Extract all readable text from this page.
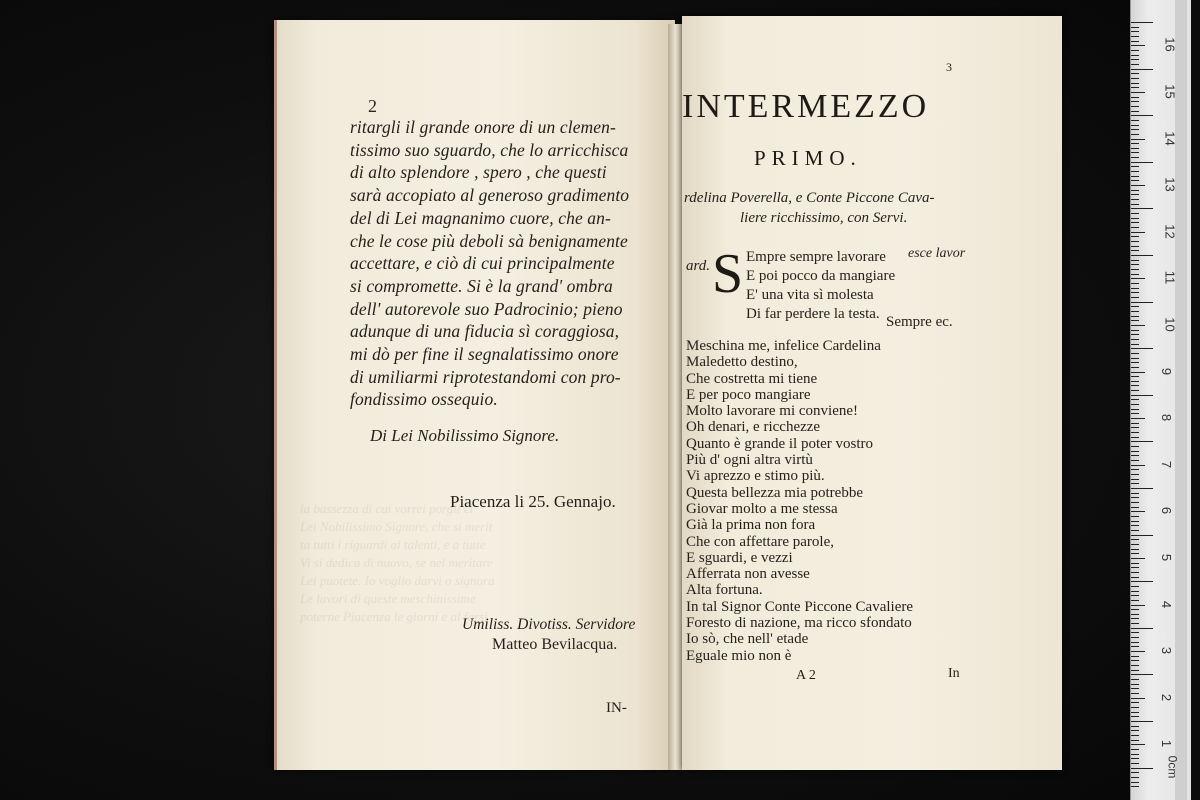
2
ritargli il grande onore di un clemen-
tissimo suo sguardo, che lo arricchisca
di alto splendore , spero , che questi
sarà accopiato al generoso gradimento
del di Lei magnanimo cuore, che an-
che le cose più deboli sà benignamente
accettare, e ciò di cui principalmente
si compromette. Si è la grand' ombra
dell' autorevole suo Padrocinio; pieno
adunque di una fiducia sì coraggiosa,
mi dò per fine il segnalatissimo onore
di umiliarmi riprotestandomi con pro-
fondissimo ossequio.
Di Lei Nobilissimo Signore.
Piacenza li 25. Gennajo.
Umiliss. Divotiss. Servidore
Matteo Bevilacqua.
IN-
3
INTERMEZZO
PRIMO.
rdelina Poverella, e Conte Piccone Cava-
liere ricchissimo, con Servi.
ard. S Empre sempre lavorare
E poi pocco da mangiare
E' una vita sì molesta
Di far perdere la testa.
esce lavor
Sempre ec.
Meschina me, infelice Cardelina
Maledetto destino,
Che costretta mi tiene
E per poco mangiare
Molto lavorare mi conviene!
Oh denari, e ricchezze
Quanto è grande il poter vostro
Più d' ogni altra virtù
Vi aprezzo e stimo più.
Questa bellezza mia potrebbe
Giovar molto a me stessa
Già la prima non fora
Che con affettare parole,
E sguardi, e vezzi
Afferrata non avesse
Alta fortuna.
In tal Signor Conte Piccone Cavaliere
Foresto di nazione, ma ricco sfondato
Io sò, che nell' etade
Eguale mio non è
A 2	In
0cm
16
15
14
13
12
11
10
9
8
7
6
5
4
3
2
1
